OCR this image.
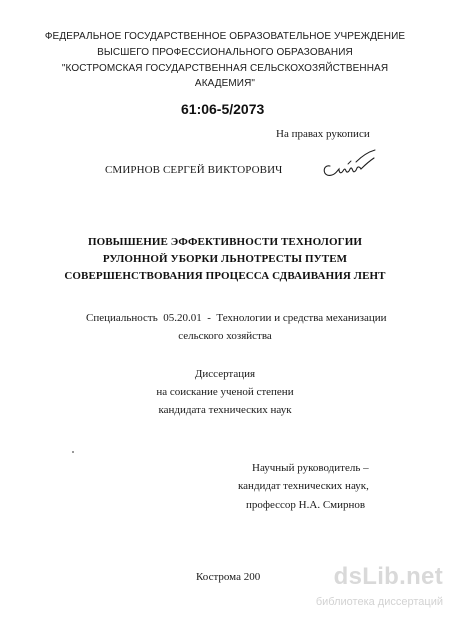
ФЕДЕРАЛЬНОЕ ГОСУДАРСТВЕННОЕ ОБРАЗОВАТЕЛЬНОЕ УЧРЕЖДЕНИЕ
ВЫСШЕГО ПРОФЕССИОНАЛЬНОГО ОБРАЗОВАНИЯ
"КОСТРОМСКАЯ ГОСУДАРСТВЕННАЯ СЕЛЬСКОХОЗЯЙСТВЕННАЯ
АКАДЕМИЯ"
61:06-5/2073
На правах рукописи
СМИРНОВ СЕРГЕЙ ВИКТОРОВИЧ
ПОВЫШЕНИЕ ЭФФЕКТИВНОСТИ ТЕХНОЛОГИИ
РУЛОННОЙ УБОРКИ ЛЬНОТРЕСТЫ ПУТЕМ
СОВЕРШЕНСТВОВАНИЯ ПРОЦЕССА СДВАИВАНИЯ ЛЕНТ
Специальность  05.20.01  -  Технологии и средства механизации
сельского хозяйства
Диссертация
на соискание ученой степени
кандидата технических наук
Научный руководитель –
кандидат технических наук,
профессор Н.А. Смирнов
Кострома 200	dsLib.net
библиотека диссертаций
